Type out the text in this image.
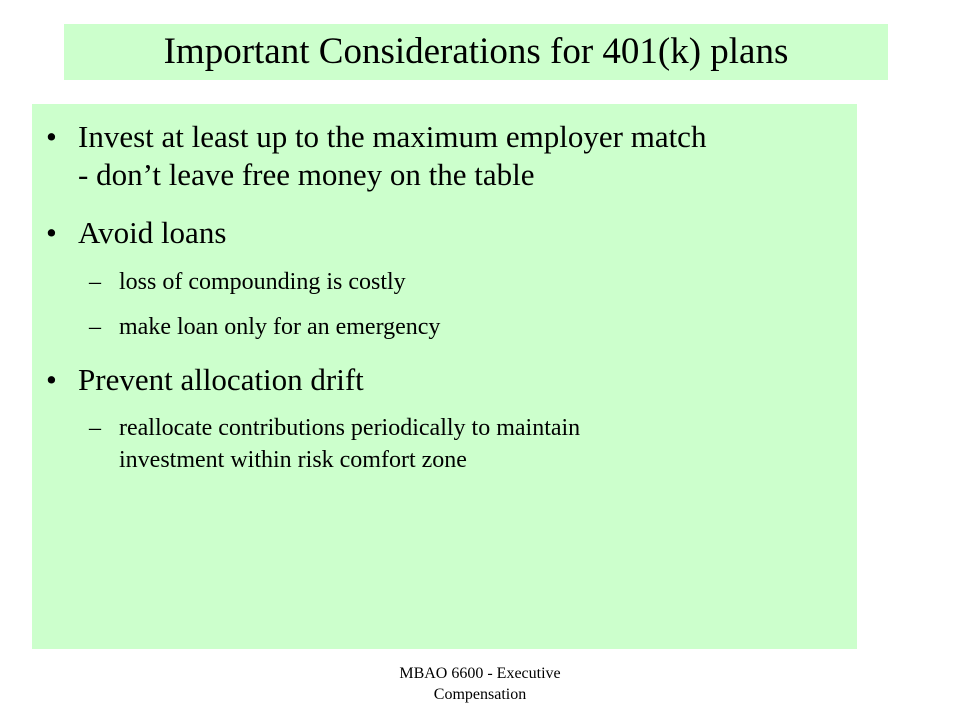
Important Considerations for 401(k) plans
• Invest at least up to the maximum employer match
- don’t leave free money on the table
• Avoid loans
– loss of compounding is costly
– make loan only for an emergency
• Prevent allocation drift
– reallocate contributions periodically to maintain
investment within risk comfort zone
MBAO 6600 - Executive
Compensation
